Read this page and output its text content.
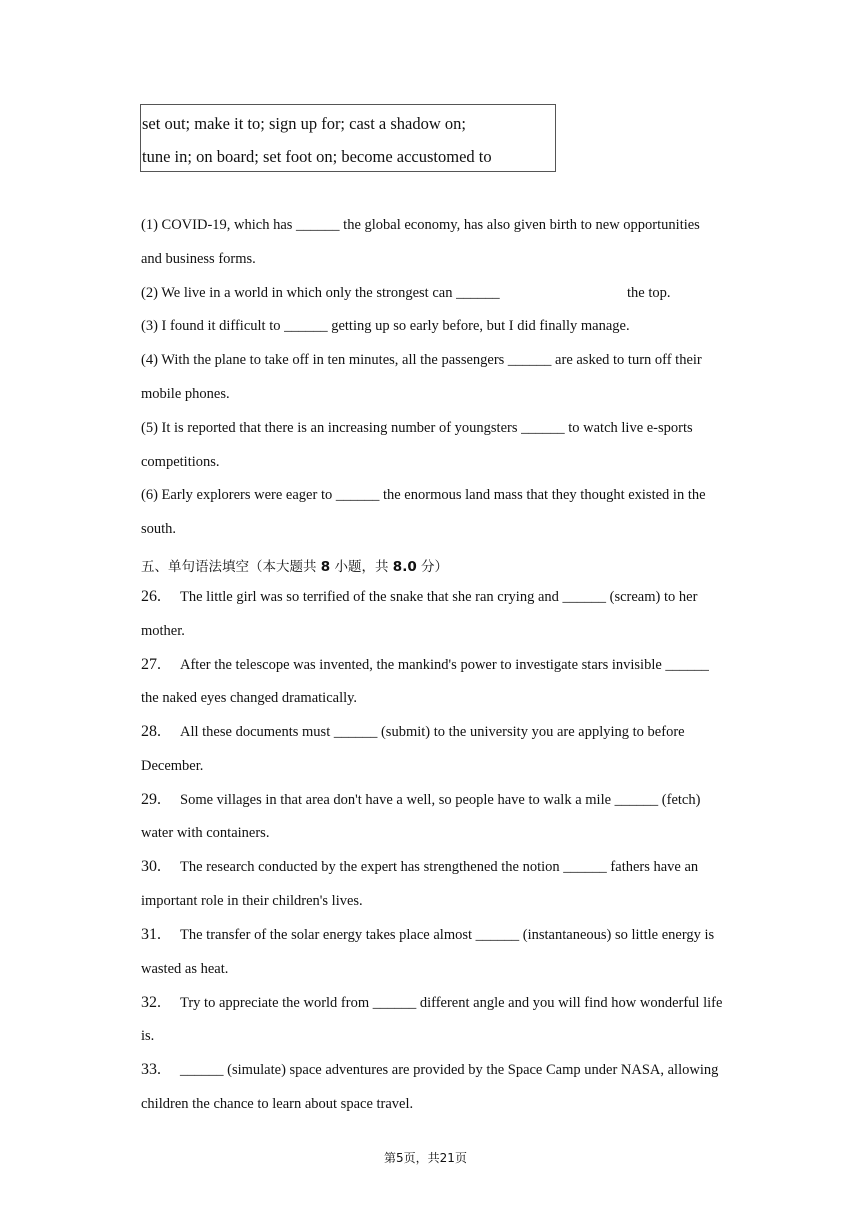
set out; make it to; sign up for; cast a shadow on;
tune in; on board; set foot on; become accustomed to
(1) COVID-19, which has ______ the global economy, has also given birth to new opportunities
and business forms.
(2) We live in a world in which only the strongest can ______	the top.
(3) I found it difficult to ______ getting up so early before, but I did finally manage.
(4) With the plane to take off in ten minutes, all the passengers ______ are asked to turn off their
mobile phones.
(5) It is reported that there is an increasing number of youngsters ______ to watch live e-sports
competitions.
(6) Early explorers were eager to ______ the enormous land mass that they thought existed in the
south.
五、单句语法填空（本大题共 8 小题，共 8.0 分）
26. The little girl was so terrified of the snake that she ran crying and ______ (scream) to her
mother.
27. After the telescope was invented, the mankind's power to investigate stars invisible ______
the naked eyes changed dramatically.
28. All these documents must ______ (submit) to the university you are applying to before
December.
29. Some villages in that area don't have a well, so people have to walk a mile ______ (fetch)
water with containers.
30. The research conducted by the expert has strengthened the notion ______ fathers have an
important role in their children's lives.
31. The transfer of the solar energy takes place almost ______ (instantaneous) so little energy is
wasted as heat.
32. Try to appreciate the world from ______ different angle and you will find how wonderful life
is.
33. ______ (simulate) space adventures are provided by the Space Camp under NASA, allowing
children the chance to learn about space travel.
第5页，共21页
